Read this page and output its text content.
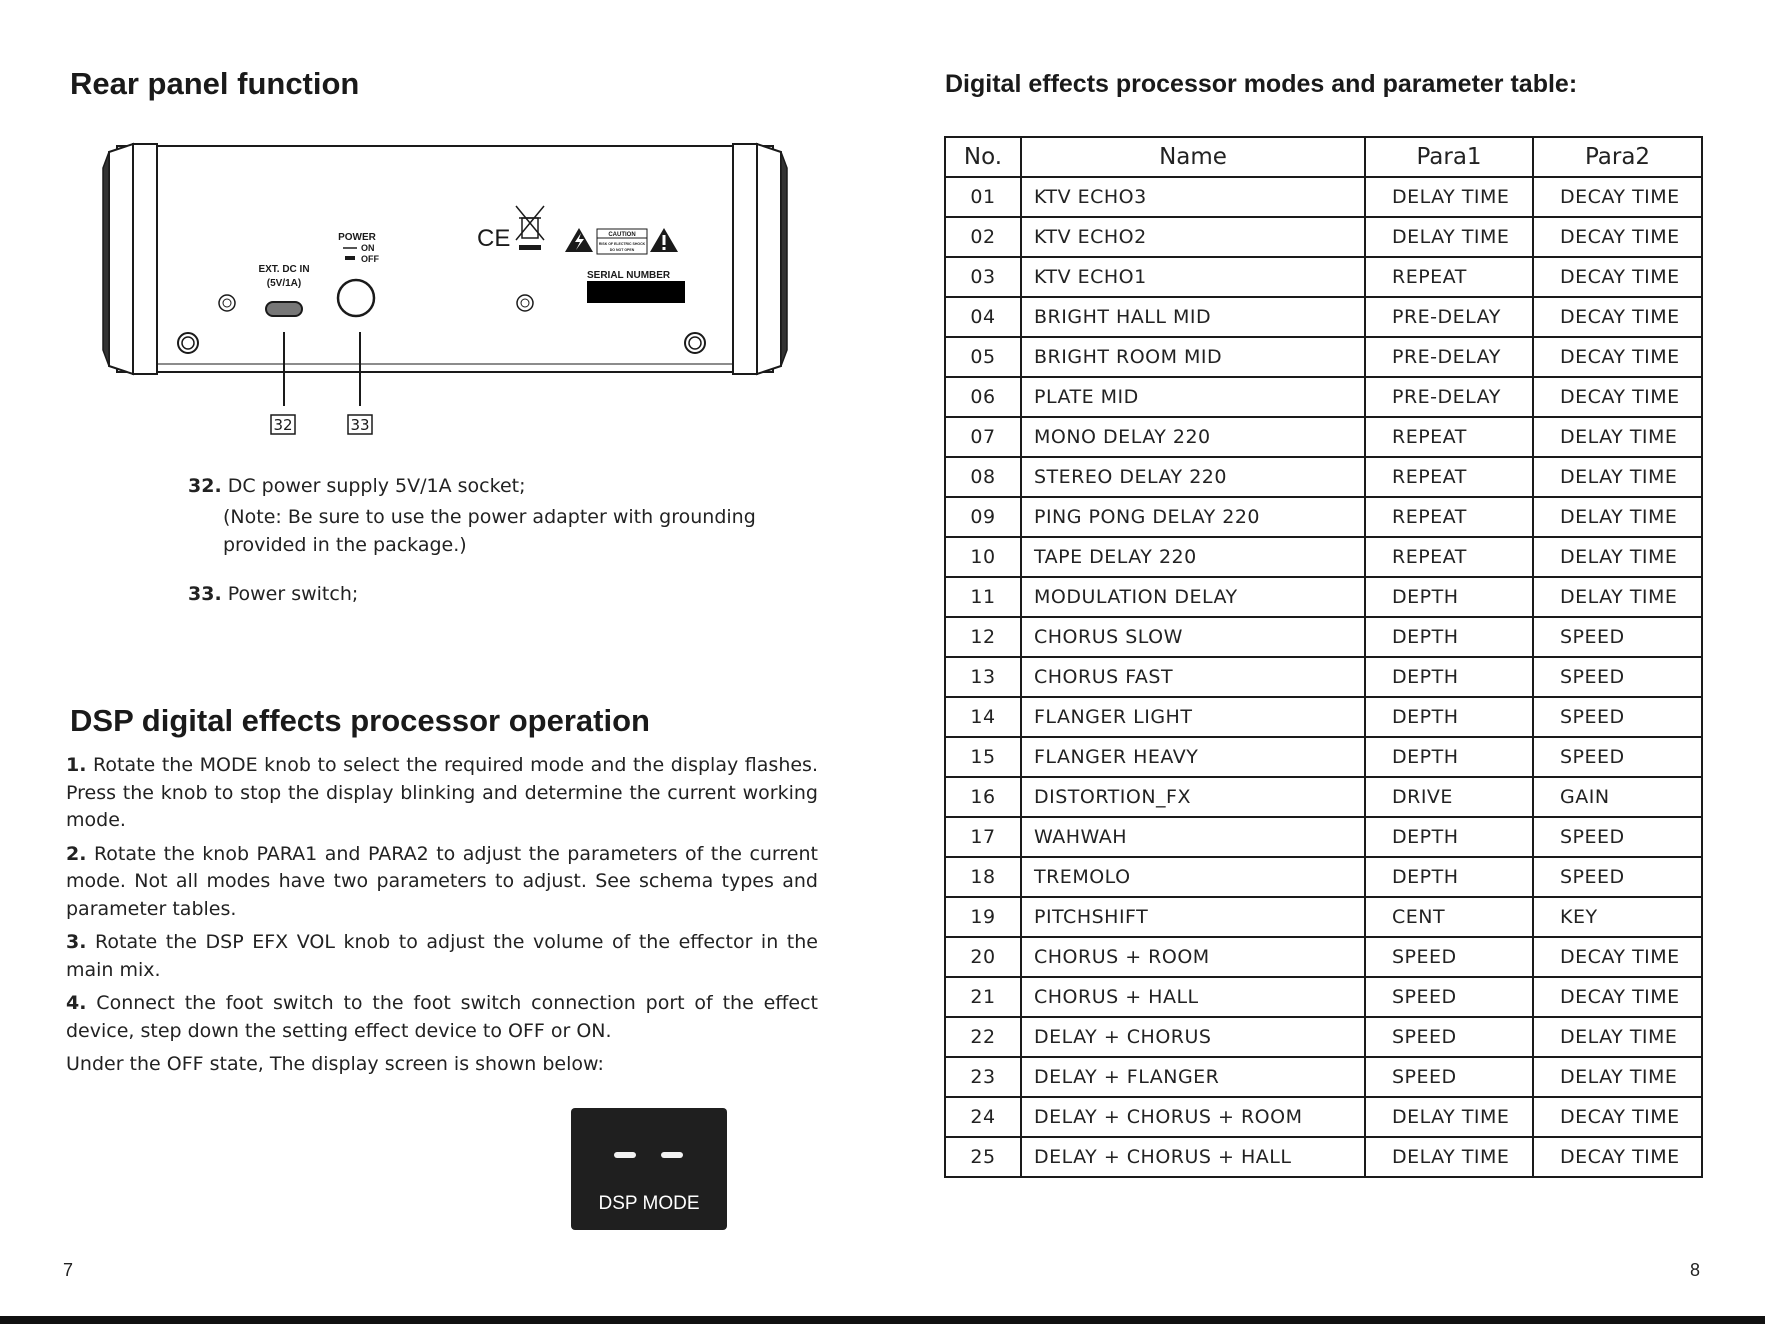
Rear panel function
EXT. DC IN
(5V/1A)
POWER
ON
OFF
CE	CAUTION
RISK OF ELECTRIC SHOCK
DO NOT OPEN
SERIAL NUMBER
32	33
32. DC power supply 5V/1A socket;
(Note: Be sure to use the power adapter with grounding provided in the package.)
33. Power switch;
DSP digital effects processor operation

1. Rotate the MODE knob to select the required mode and the display flashes. Press the knob to stop the display blinking and determine the current working mode.

2. Rotate the knob PARA1 and PARA2 to adjust the parameters of the current mode. Not all modes have two parameters to adjust. See schema types and parameter tables.

3. Rotate the DSP EFX VOL knob to adjust the volume of the effector in the main mix.

4. Connect the foot switch to the foot switch connection port of the effect device, step down the setting effect device to OFF or ON.

Under the OFF state, The display screen is shown below:

DSP MODE
7
Digital effects processor modes and parameter table:
No.	Name	Para1	Para2
01	KTV ECHO3	DELAY TIME	DECAY TIME
02	KTV ECHO2	DELAY TIME	DECAY TIME
03	KTV ECHO1	REPEAT	DECAY TIME
04	BRIGHT HALL MID	PRE-DELAY	DECAY TIME
05	BRIGHT ROOM MID	PRE-DELAY	DECAY TIME
06	PLATE MID	PRE-DELAY	DECAY TIME
07	MONO DELAY 220	REPEAT	DELAY TIME
08	STEREO DELAY 220	REPEAT	DELAY TIME
09	PING PONG DELAY 220	REPEAT	DELAY TIME
10	TAPE DELAY 220	REPEAT	DELAY TIME
11	MODULATION DELAY	DEPTH	DELAY TIME
12	CHORUS SLOW	DEPTH	SPEED
13	CHORUS FAST	DEPTH	SPEED
14	FLANGER LIGHT	DEPTH	SPEED
15	FLANGER HEAVY	DEPTH	SPEED
16	DISTORTION_FX	DRIVE	GAIN
17	WAHWAH	DEPTH	SPEED
18	TREMOLO	DEPTH	SPEED
19	PITCHSHIFT	CENT	KEY
20	CHORUS + ROOM	SPEED	DECAY TIME
21	CHORUS + HALL	SPEED	DECAY TIME
22	DELAY + CHORUS	SPEED	DELAY TIME
23	DELAY + FLANGER	SPEED	DELAY TIME
24	DELAY + CHORUS + ROOM	DELAY TIME	DECAY TIME
25	DELAY + CHORUS + HALL	DELAY TIME	DECAY TIME
8
